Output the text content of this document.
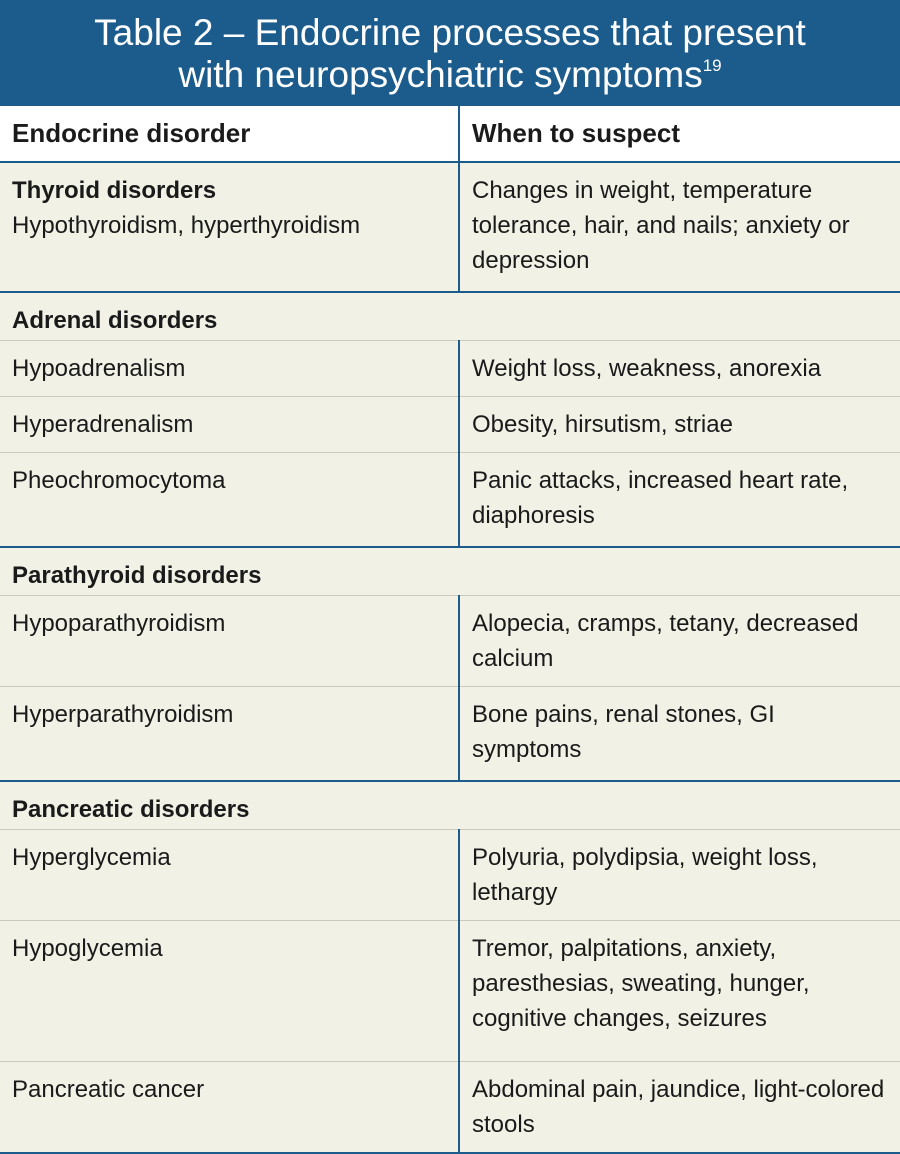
Table 2 – Endocrine processes that present
with neuropsychiatric symptoms$^{19}$
Endocrine disorder	When to suspect

Thyroid disorders
Hypothyroidism, hyperthyroidism	Changes in weight, temperature tolerance, hair, and nails; anxiety or depression
Adrenal disorders	
Hypoadrenalism	Weight loss, weakness, anorexia
Hyperadrenalism	Obesity, hirsutism, striae
Pheochromocytoma	Panic attacks, increased heart rate, diaphoresis
Parathyroid disorders	
Hypoparathyroidism	Alopecia, cramps, tetany, decreased calcium
Hyperparathyroidism	Bone pains, renal stones, GI symptoms
Pancreatic disorders	
Hyperglycemia	Polyuria, polydipsia, weight loss, lethargy
Hypoglycemia	Tremor, palpitations, anxiety, paresthesias, sweating, hunger, cognitive changes, seizures
Pancreatic cancer	Abdominal pain, jaundice, light-colored stools
